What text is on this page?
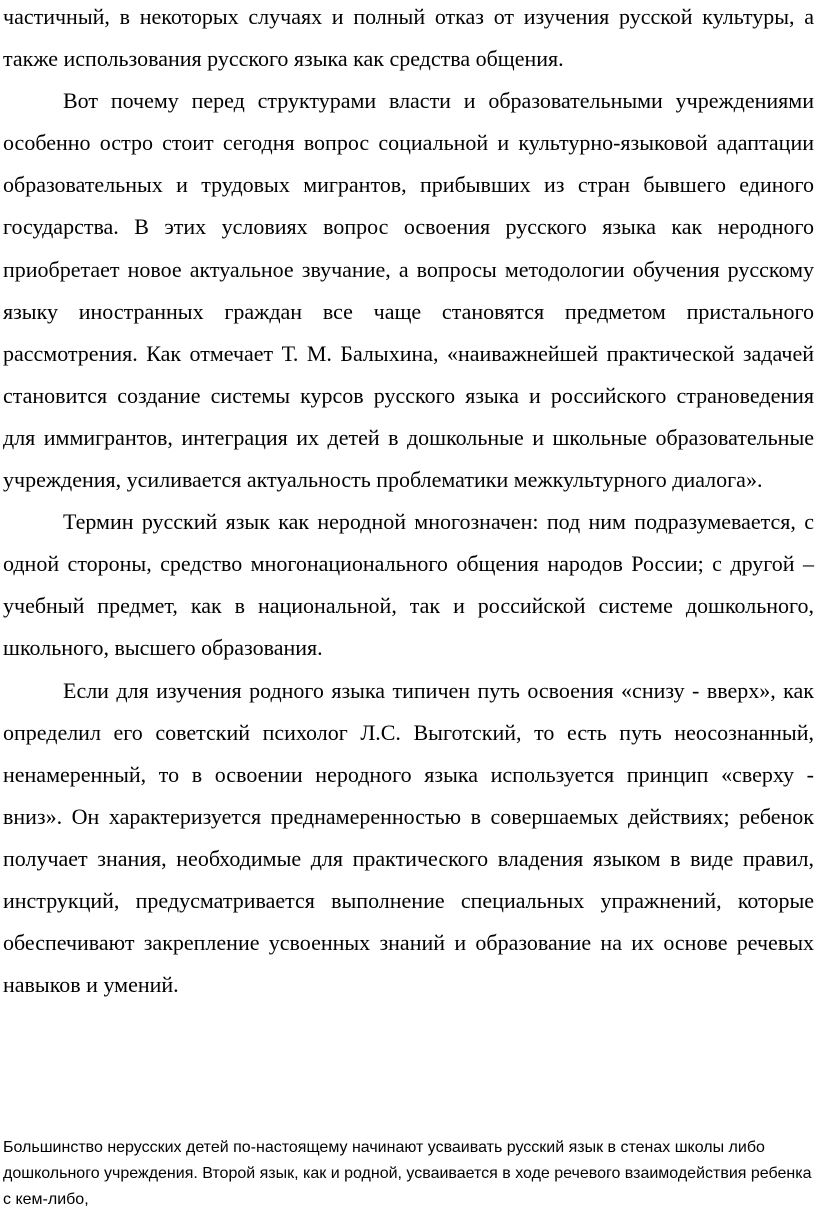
частичный, в некоторых случаях и полный отказ от изучения русской культуры, а также использования русского языка как средства общения.

Вот почему перед структурами власти и образовательными учреждениями особенно остро стоит сегодня вопрос социальной и культурно-языковой адаптации образовательных и трудовых мигрантов, прибывших из стран бывшего единого государства. В этих условиях вопрос освоения русского языка как неродного приобретает новое актуальное звучание, а вопросы методологии обучения русскому языку иностранных граждан все чаще становятся предметом пристального рассмотрения. Как отмечает Т. М. Балыхина, «наиважнейшей практической задачей становится создание системы курсов русского языка и российского страноведения для иммигрантов, интеграция их детей в дошкольные и школьные образовательные учреждения, усиливается актуальность проблематики межкультурного диалога».

Термин русский язык как неродной многозначен: под ним подразумевается, с одной стороны, средство многонационального общения народов России; с другой – учебный предмет, как в национальной, так и российской системе дошкольного, школьного, высшего образования.

Если для изучения родного языка типичен путь освоения «снизу - вверх», как определил его советский психолог Л.С. Выготский, то есть путь неосознанный, ненамеренный, то в освоении неродного языка используется принцип «сверху - вниз». Он характеризуется преднамеренностью в совершаемых действиях; ребенок получает знания, необходимые для практического владения языком в виде правил, инструкций, предусматривается выполнение специальных упражнений, которые обеспечивают закрепление усвоенных знаний и образование на их основе речевых навыков и умений.

Большинство нерусских детей по-настоящему начинают усваивать русский язык в стенах школы либо дошкольного учреждения. Второй язык, как и родной, усваивается в ходе речевого взаимодействия ребенка с кем-либо,
